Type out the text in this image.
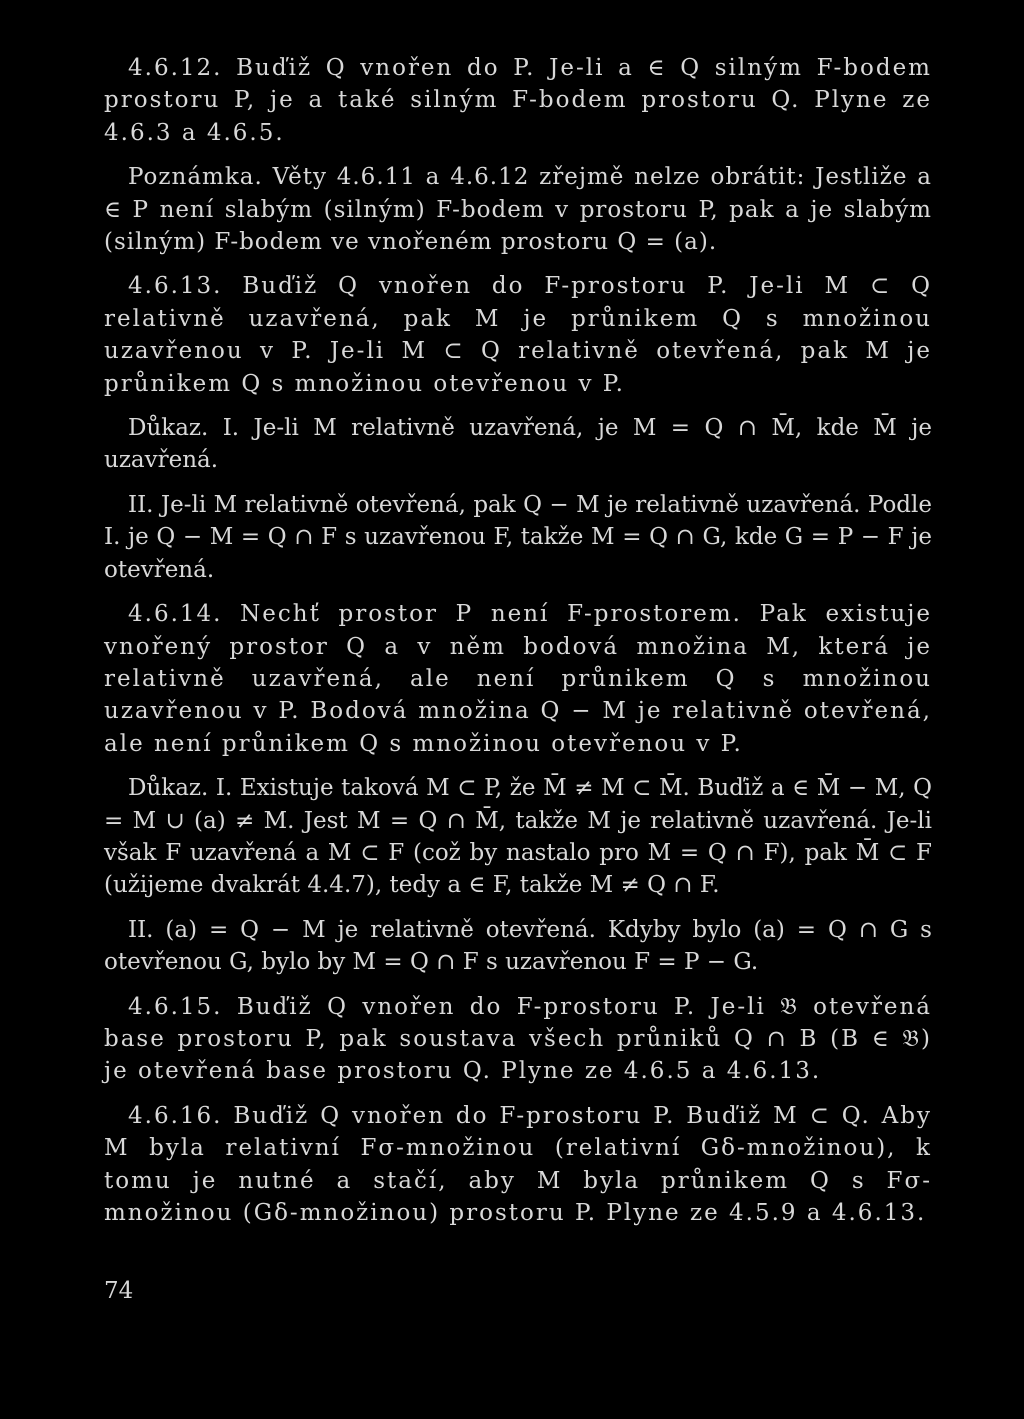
4.6.12. Buďiž Q vnořen do P. Je-li a ∈ Q silným F-bodem prostoru P, je a také silným F-bodem prostoru Q. Plyne ze 4.6.3 a 4.6.5.

Poznámka. Věty 4.6.11 a 4.6.12 zřejmě nelze obrátit: Jestliže a ∈ P není slabým (silným) F-bodem v prostoru P, pak a je slabým (silným) F-bodem ve vnořeném prostoru Q = (a).

4.6.13. Buďiž Q vnořen do F-prostoru P. Je-li M ⊂ Q relativně uzavřená, pak M je průnikem Q s množinou uzavřenou v P. Je-li M ⊂ Q relativně otevřená, pak M je průnikem Q s množinou otevřenou v P.

Důkaz. I. Je-li M relativně uzavřená, je M = Q ∩ M̄, kde M̄ je uzavřená.

II. Je-li M relativně otevřená, pak Q − M je relativně uzavřená. Podle I. je Q − M = Q ∩ F s uzavřenou F, takže M = Q ∩ G, kde G = P − F je otevřená.

4.6.14. Nechť prostor P není F-prostorem. Pak existuje vnořený prostor Q a v něm bodová množina M, která je relativně uzavřená, ale není průnikem Q s množinou uzavřenou v P. Bodová množina Q − M je relativně otevřená, ale není průnikem Q s množinou otevřenou v P.

Důkaz. I. Existuje taková M ⊂ P, že M̄ ≠ M ⊂ M̄. Buďiž a ∈ M̄ − M, Q = M ∪ (a) ≠ M. Jest M = Q ∩ M̄, takže M je relativně uzavřená. Je-li však F uzavřená a M ⊂ F (což by nastalo pro M = Q ∩ F), pak M̄ ⊂ F (užijeme dvakrát 4.4.7), tedy a ∈ F, takže M ≠ Q ∩ F.

II. (a) = Q − M je relativně otevřená. Kdyby bylo (a) = Q ∩ G s otevřenou G, bylo by M = Q ∩ F s uzavřenou F = P − G.

4.6.15. Buďiž Q vnořen do F-prostoru P. Je-li 𝔅 otevřená base prostoru P, pak soustava všech průniků Q ∩ B (B ∈ 𝔅) je otevřená base prostoru Q. Plyne ze 4.6.5 a 4.6.13.

4.6.16. Buďiž Q vnořen do F-prostoru P. Buďiž M ⊂ Q. Aby M byla relativní Fσ-množinou (relativní Gδ-množinou), k tomu je nutné a stačí, aby M byla průnikem Q s Fσ-množinou (Gδ-množinou) prostoru P. Plyne ze 4.5.9 a 4.6.13.

74
